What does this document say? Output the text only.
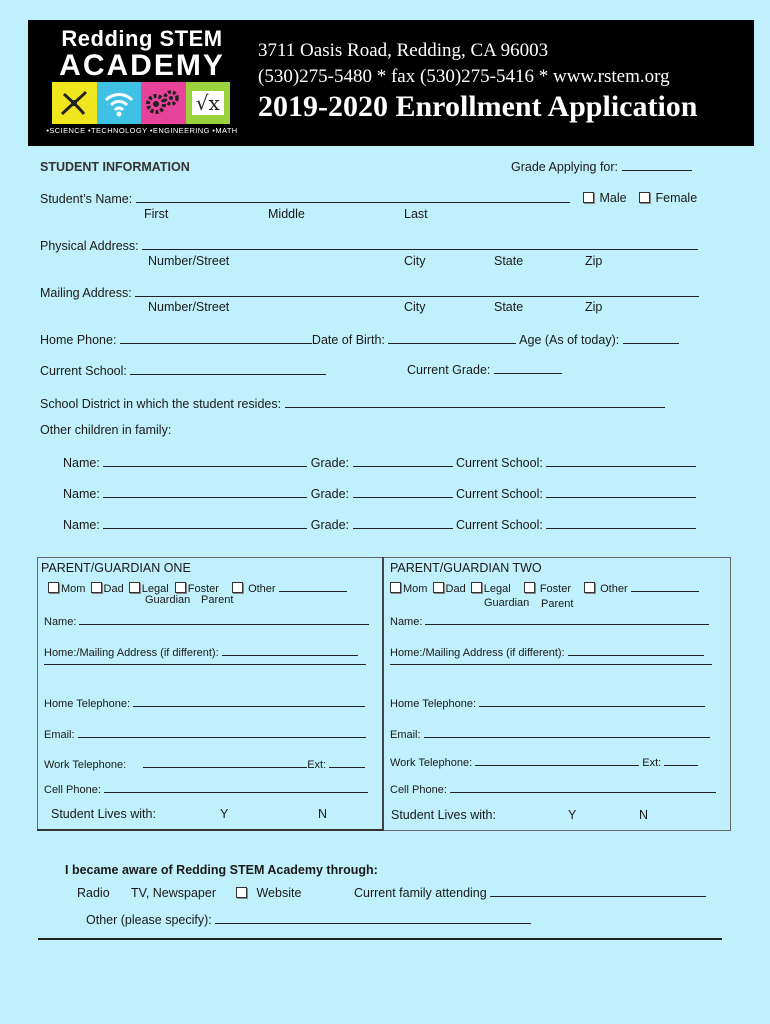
Redding STEM
ACADEMY
√x
•SCIENCE •TECHNOLOGY •ENGINEERING •MATH
3711 Oasis Road, Redding, CA 96003
(530)275-5480 * fax (530)275-5416 * www.rstem.org
2019-2020 Enrollment Application
STUDENT INFORMATION	Grade Applying for:
Student’s Name:	Male	Female
First	Middle	Last
Physical Address:
Number/Street	City	State	Zip
Mailing Address:
Number/Street	City	State	Zip
Home Phone:	Date of Birth:	Age (As of today):
Current School:	Current Grade:
School District in which the student resides:
Other children in family:
Name:	Grade:	Current School:
Name:	Grade:	Current School:
Name:	Grade:	Current School:
PARENT/GUARDIAN ONE
Mom Dad Legal Foster	Other
Guardian Parent
Name:
Home:/Mailing Address (if different):
Home Telephone:
Email:
Work Telephone:	Ext:
Cell Phone:
Student Lives with:	Y	N
PARENT/GUARDIAN TWO
Mom Dad Legal	Foster	Other
Guardian Parent
Name:
Home:/Mailing Address (if different):
Home Telephone:
Email:
Work Telephone:	Ext:
Cell Phone:
Student Lives with:	Y	N
I became aware of Redding STEM Academy through:
Radio TV, Newspaper	Website	Current family attending
Other (please specify):
